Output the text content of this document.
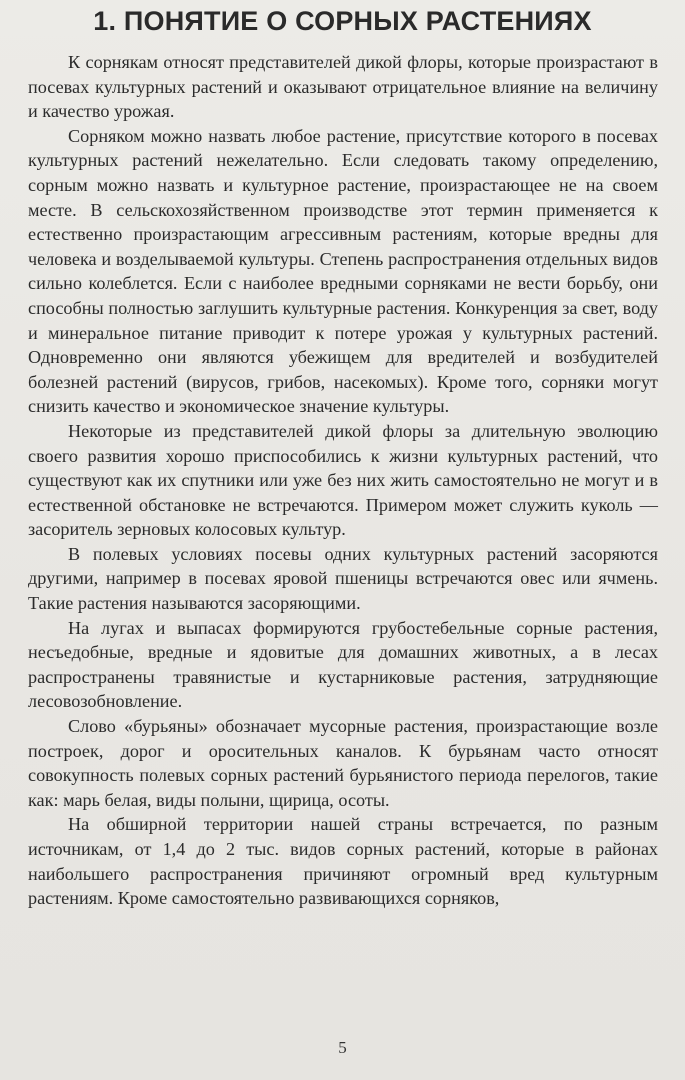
1. ПОНЯТИЕ О СОРНЫХ РАСТЕНИЯХ

К сорнякам относят представителей дикой флоры, которые произрастают в посевах культурных растений и оказывают отрицательное влияние на величину и качество урожая.

Сорняком можно назвать любое растение, присутствие которого в посевах культурных растений нежелательно. Если следовать такому определению, сорным можно назвать и культурное растение, произрастающее не на своем месте. В сельскохозяйственном производстве этот термин применяется к естественно произрастающим агрессивным растениям, которые вредны для человека и возделываемой культуры. Степень распространения отдельных видов сильно колеблется. Если с наиболее вредными сорняками не вести борьбу, они способны полностью заглушить культурные растения. Конкуренция за свет, воду и минеральное питание приводит к потере урожая у культурных растений. Одновременно они являются убежищем для вредителей и возбудителей болезней растений (вирусов, грибов, насекомых). Кроме того, сорняки могут снизить качество и экономическое значение культуры.

Некоторые из представителей дикой флоры за длительную эволюцию своего развития хорошо приспособились к жизни культурных растений, что существуют как их спутники или уже без них жить самостоятельно не могут и в естественной обстановке не встречаются. Примером может служить куколь — засоритель зерновых колосовых культур.

В полевых условиях посевы одних культурных растений засоряются другими, например в посевах яровой пшеницы встречаются овес или ячмень. Такие растения называются засоряющими.

На лугах и выпасах формируются грубостебельные сорные растения, несъедобные, вредные и ядовитые для домашних животных, а в лесах распространены травянистые и кустарниковые растения, затрудняющие лесовозобновление.

Слово «бурьяны» обозначает мусорные растения, произрастающие возле построек, дорог и оросительных каналов. К бурьянам часто относят совокупность полевых сорных растений бурьянистого периода перелогов, такие как: марь белая, виды полыни, щирица, осоты.

На обширной территории нашей страны встречается, по разным источникам, от 1,4 до 2 тыс. видов сорных растений, которые в районах наибольшего распространения причиняют огромный вред культурным растениям. Кроме самостоятельно развивающихся сорняков,

5
